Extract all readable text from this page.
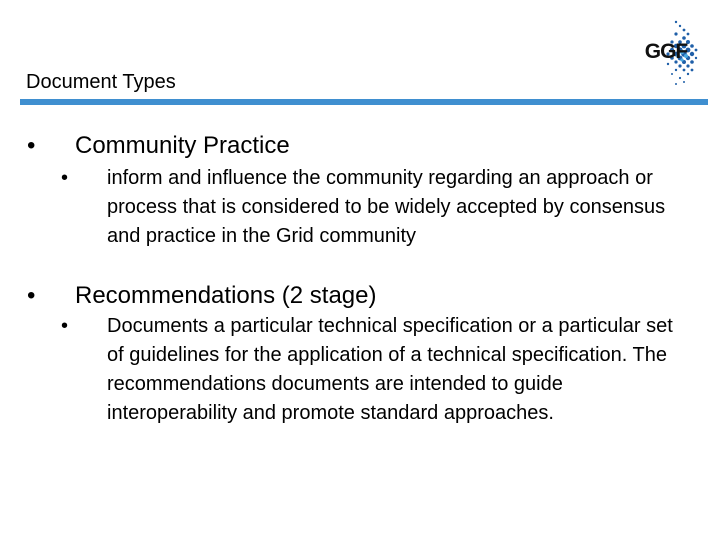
Document Types
GGF
•	Community Practice
•	inform and influence the community regarding an approach or process that is considered to be widely accepted by consensus and practice in the Grid community
•	Recommendations (2 stage)
•	Documents a particular technical specification or a particular set of guidelines for the application of a technical specification. The recommendations documents are intended to guide interoperability and promote standard approaches.
